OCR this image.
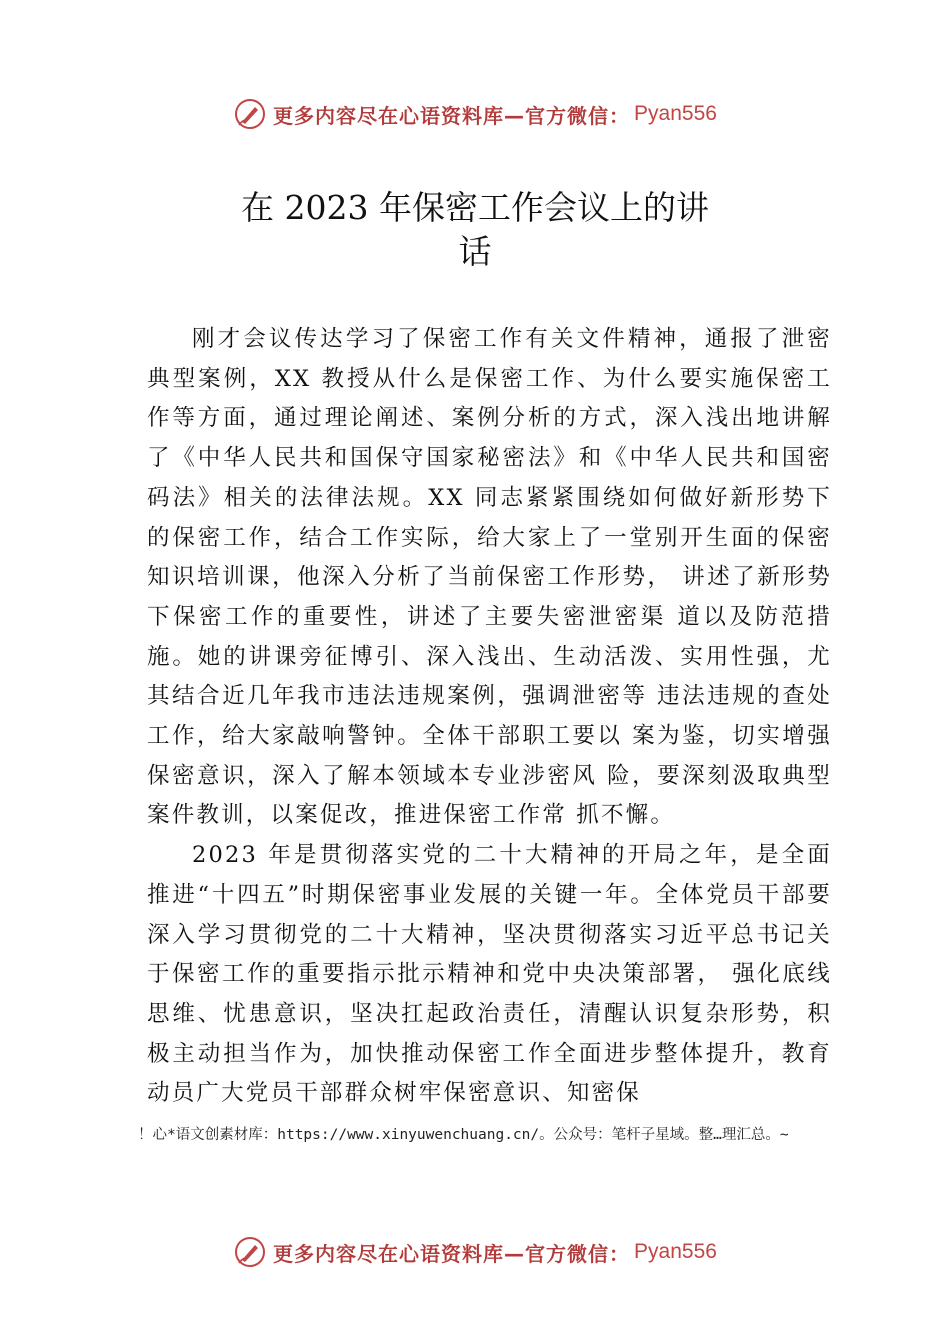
更多内容尽在心语资料库—官方微信： Pyan556
在 2023 年保密工作会议上的讲
话

刚才会议传达学习了保密工作有关文件精神，通报了泄密典型案例，XX 教授从什么是保密工作、为什么要实施保密工作等方面，通过理论阐述、案例分析的方式，深入浅出地讲解了《中华人民共和国保守国家秘密法》和《中华人民共和国密码法》相关的法律法规。XX 同志紧紧围绕如何做好新形势下的保密工作，结合工作实际，给大家上了一堂别开生面的保密知识培训课，他深入分析了当前保密工作形势， 讲述了新形势下保密工作的重要性，讲述了主要失密泄密渠 道以及防范措施。她的讲课旁征博引、深入浅出、生动活泼、实用性强，尤其结合近几年我市违法违规案例，强调泄密等 违法违规的查处工作，给大家敲响警钟。全体干部职工要以 案为鉴，切实增强保密意识，深入了解本领域本专业涉密风 险，要深刻汲取典型案件教训，以案促改，推进保密工作常 抓不懈。

2023 年是贯彻落实党的二十大精神的开局之年，是全面推进“十四五”时期保密事业发展的关键一年。全体党员干部要深入学习贯彻党的二十大精神，坚决贯彻落实习近平总书记关于保密工作的重要指示批示精神和党中央决策部署， 强化底线思维、忧患意识，坚决扛起政治责任，清醒认识复杂形势，积极主动担当作为，加快推动保密工作全面进步整体提升，教育动员广大党员干部群众树牢保密意识、知密保

！心*语文创素材库：https://www.xinyuwenchuang.cn/。公众号：笔杆子星域。整…理汇总。~

更多内容尽在心语资料库—官方微信： Pyan556
